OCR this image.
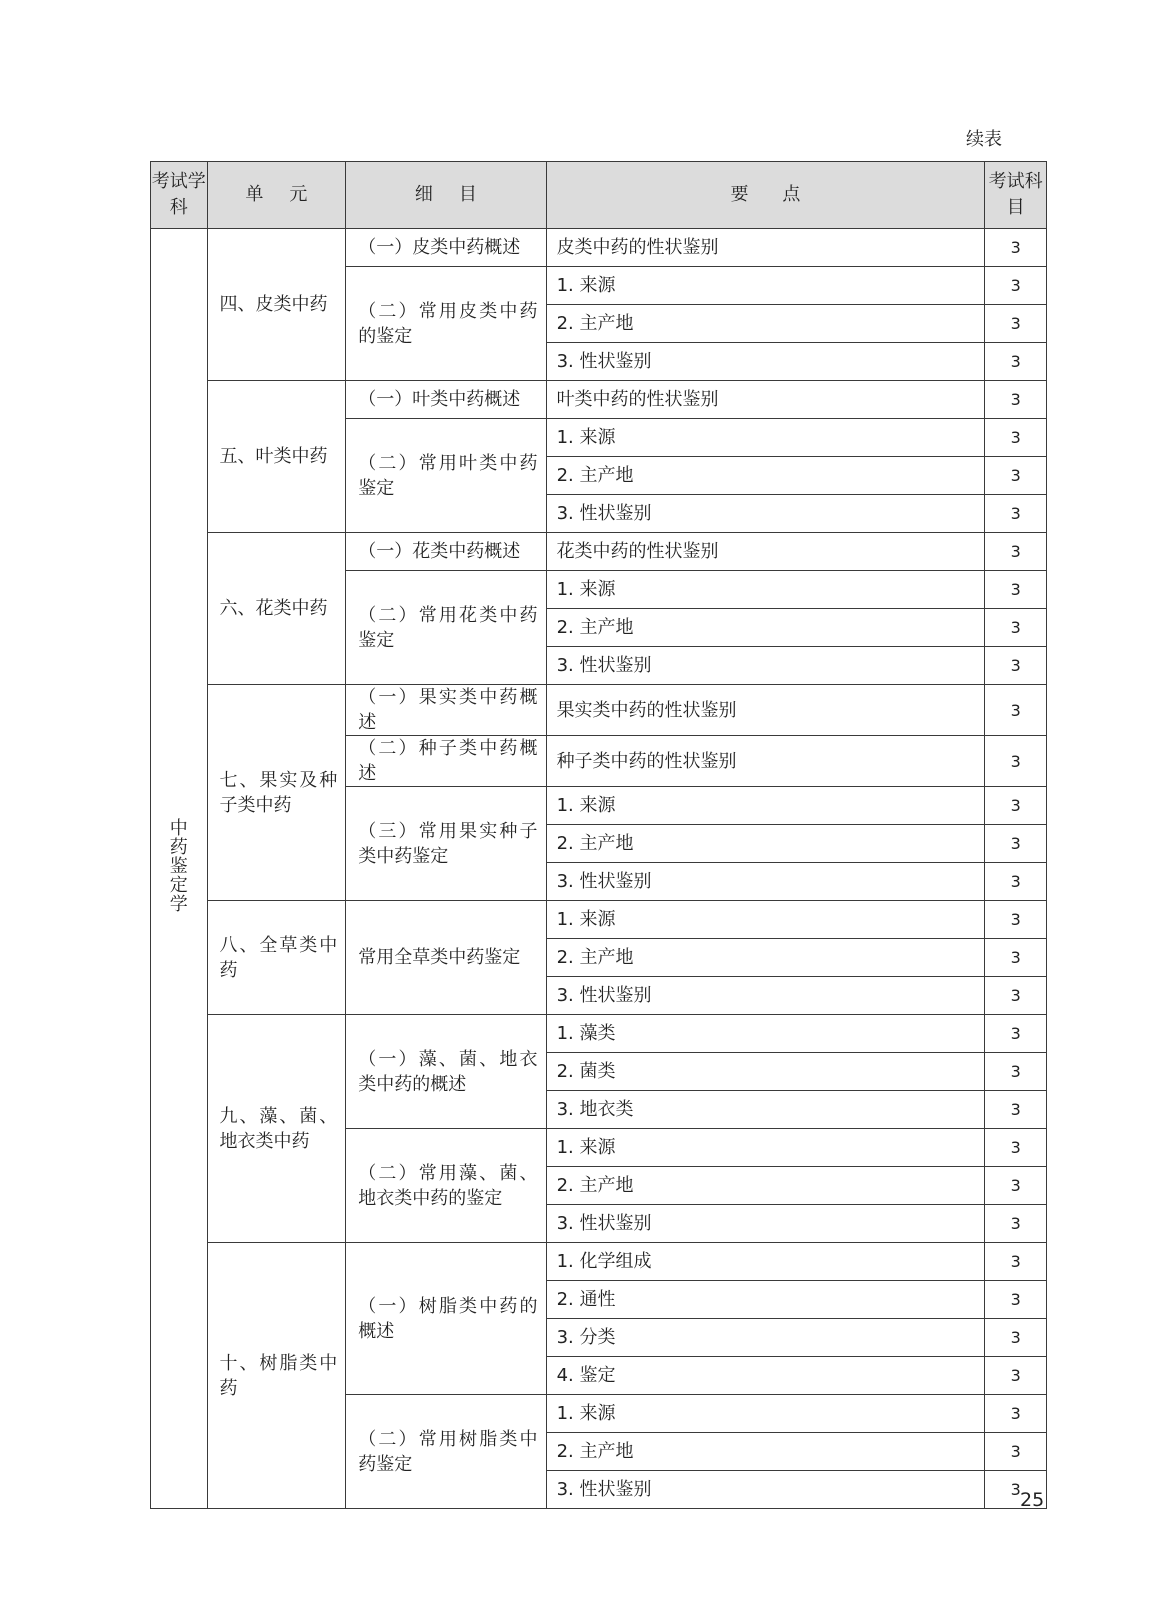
续表
考试学科	单元	细目	要点	考试科目
中药鉴定学	四、皮类中药	（一）皮类中药概述	皮类中药的性状鉴别	3
		（二）常用皮类中药的鉴定	1. 来源	3
			2. 主产地	3
			3. 性状鉴别	3
	五、叶类中药	（一）叶类中药概述	叶类中药的性状鉴别	3
		（二）常用叶类中药鉴定	1. 来源	3
			2. 主产地	3
			3. 性状鉴别	3
	六、花类中药	（一）花类中药概述	花类中药的性状鉴别	3
		（二）常用花类中药鉴定	1. 来源	3
			2. 主产地	3
			3. 性状鉴别	3
	七、果实及种子类中药	（一）果实类中药概述	果实类中药的性状鉴别	3
		（二）种子类中药概述	种子类中药的性状鉴别	3
		（三）常用果实种子类中药鉴定	1. 来源	3
			2. 主产地	3
			3. 性状鉴别	3
	八、全草类中药	常用全草类中药鉴定	1. 来源	3
			2. 主产地	3
			3. 性状鉴别	3
	九、藻、菌、地衣类中药	（一）藻、菌、地衣类中药的概述	1. 藻类	3
			2. 菌类	3
			3. 地衣类	3
		（二）常用藻、菌、地衣类中药的鉴定	1. 来源	3
			2. 主产地	3
			3. 性状鉴别	3
	十、树脂类中药	（一）树脂类中药的概述	1. 化学组成	3
			2. 通性	3
			3. 分类	3
			4. 鉴定	3
		（二）常用树脂类中药鉴定	1. 来源	3
			2. 主产地	3
			3. 性状鉴别	3 25
